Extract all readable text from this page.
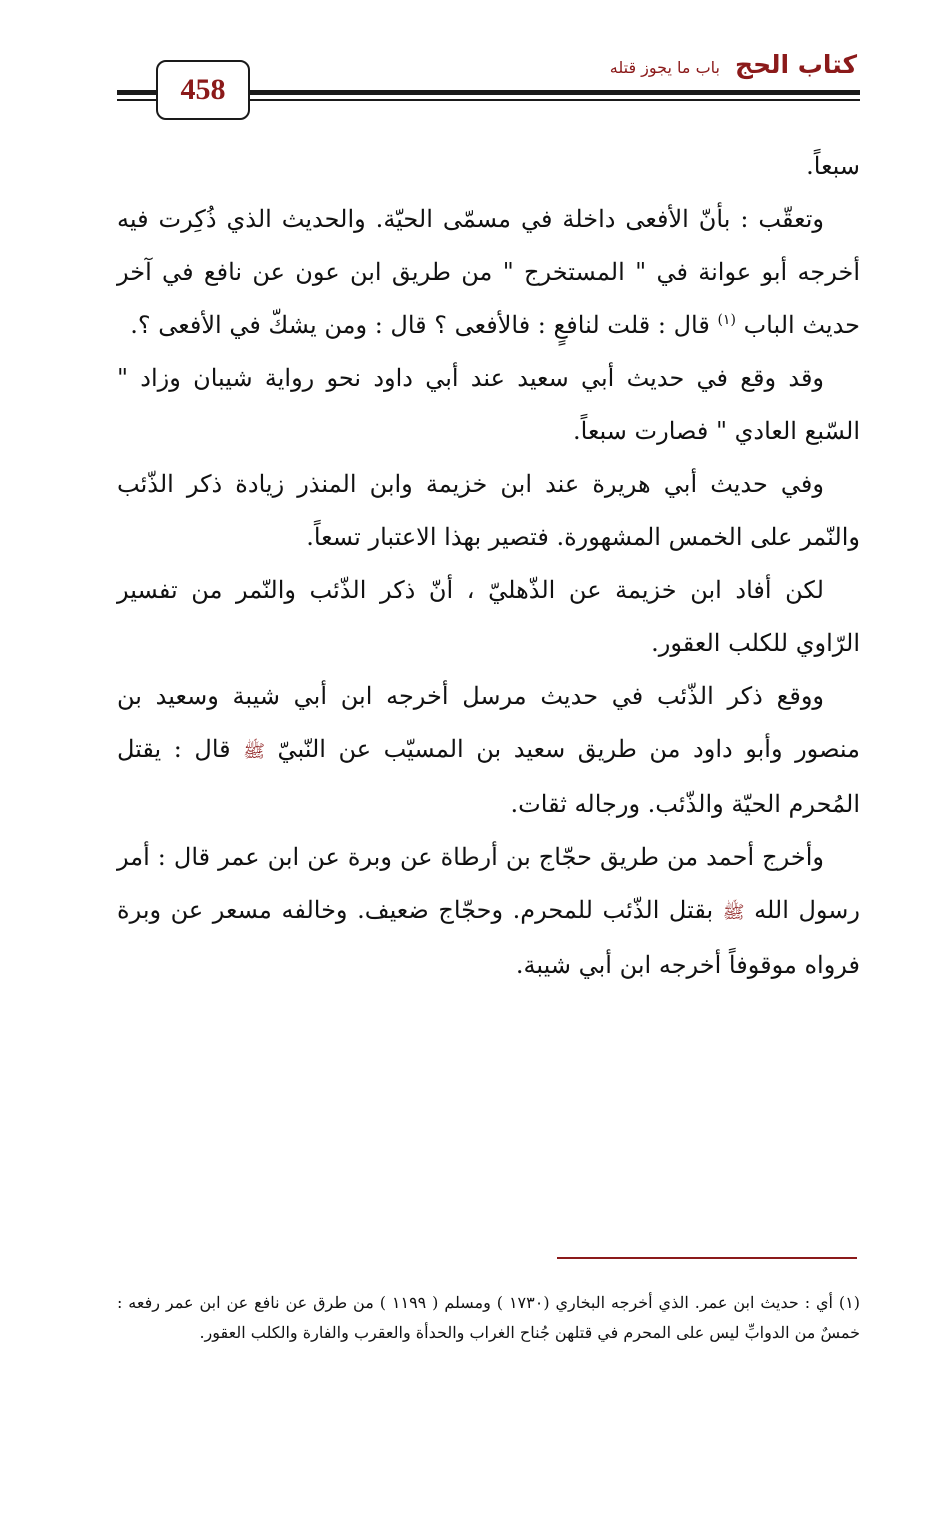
كتاب الحج باب ما يجوز قتله
458

سبعاً.

وتعقّب : بأنّ الأفعى داخلة في مسمّى الحيّة. والحديث الذي ذُكِرت فيه أخرجه أبو عوانة في " المستخرج " من طريق ابن عون عن نافع في آخر حديث الباب $^{(١)}$ قال : قلت لنافعٍ : فالأفعى ؟ قال : ومن يشكّ في الأفعى ؟.

وقد وقع في حديث أبي سعيد عند أبي داود نحو رواية شيبان وزاد " السّبع العادي " فصارت سبعاً.

وفي حديث أبي هريرة عند ابن خزيمة وابن المنذر زيادة ذكر الذّئب والنّمر على الخمس المشهورة. فتصير بهذا الاعتبار تسعاً.

لكن أفاد ابن خزيمة عن الذّهليّ ، أنّ ذكر الذّئب والنّمر من تفسير الرّاوي للكلب العقور.

ووقع ذكر الذّئب في حديث مرسل أخرجه ابن أبي شيبة وسعيد بن منصور وأبو داود من طريق سعيد بن المسيّب عن النّبيّ ﷺ قال : يقتل المُحرم الحيّة والذّئب. ورجاله ثقات.

وأخرج أحمد من طريق حجّاج بن أرطاة عن وبرة عن ابن عمر قال : أمر رسول الله ﷺ بقتل الذّئب للمحرم. وحجّاج ضعيف. وخالفه مسعر عن وبرة فرواه موقوفاً أخرجه ابن أبي شيبة.

(١) أي : حديث ابن عمر. الذي أخرجه البخاري (١٧٣٠ ) ومسلم ( ١١٩٩ ) من طرق عن نافع عن ابن عمر رفعه : خمسٌ من الدوابِّ ليس على المحرم في قتلهن جُناح الغراب والحدأة والعقرب والفارة والكلب العقور.
